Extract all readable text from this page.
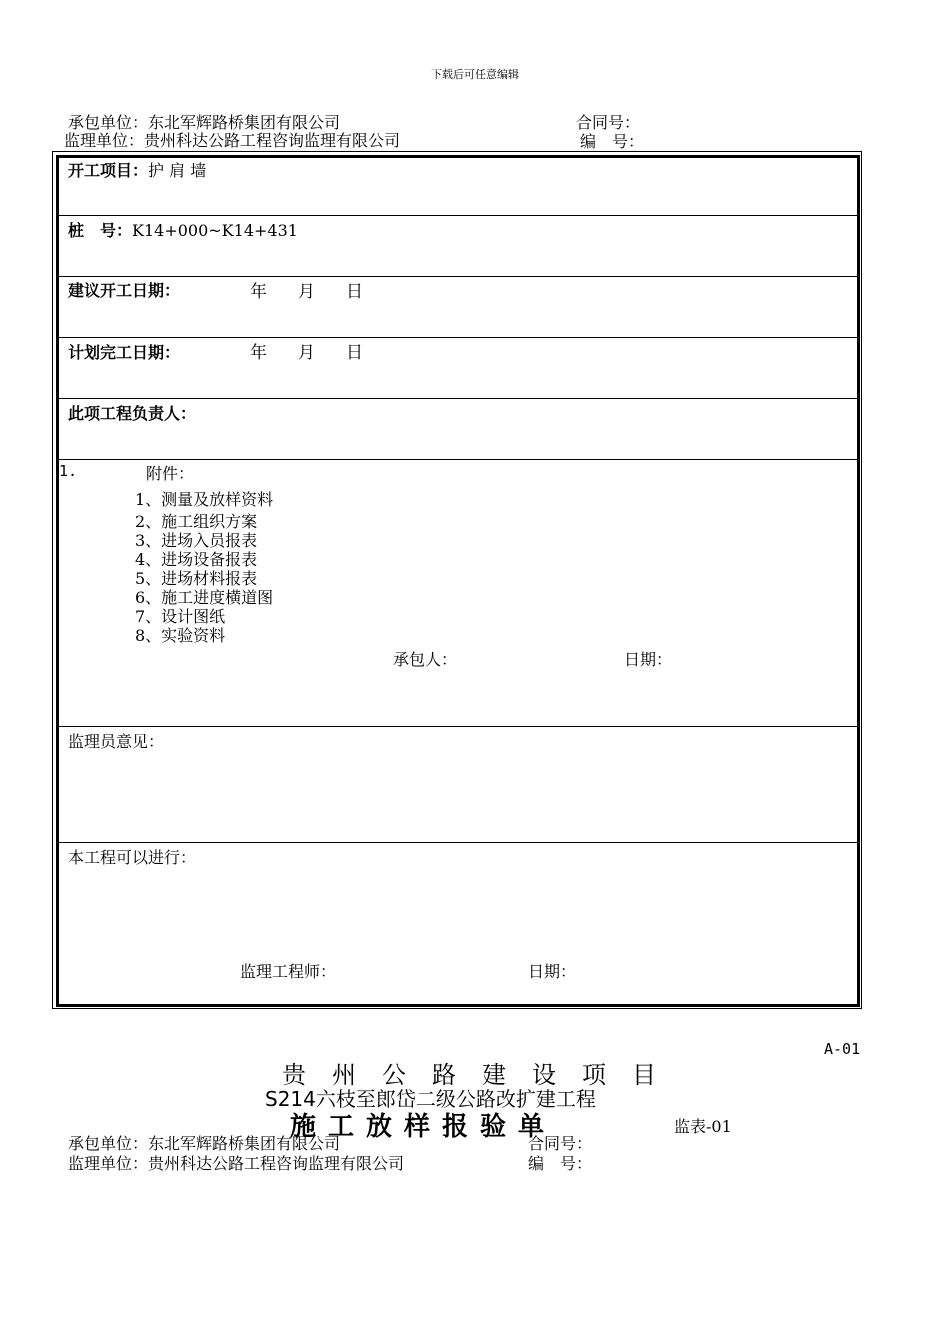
下载后可任意编辑
承包单位：东北军辉路桥集团有限公司	合同号：
监理单位：贵州科达公路工程咨询监理有限公司	编　号：
开工项目：护 肩 墙
桩　号：K14+000~K14+431
建议开工日期：	年 月 日
计划完工日期：	年 月 日
此项工程负责人：
1.	附件：
1、测量及放样资料
2、施工组织方案
3、进场入员报表
4、进场设备报表
5、进场材料报表
6、施工进度横道图
7、设计图纸
8、实验资料
承包人：	日期：
监理员意见：
本工程可以进行：
监理工程师：	日期：
A-01
贵州公路建设项目
S214六枝至郎岱二级公路改扩建工程
施工放样报验单	监表-01
承包单位：东北军辉路桥集团有限公司	合同号：
监理单位：贵州科达公路工程咨询监理有限公司	编　号：
